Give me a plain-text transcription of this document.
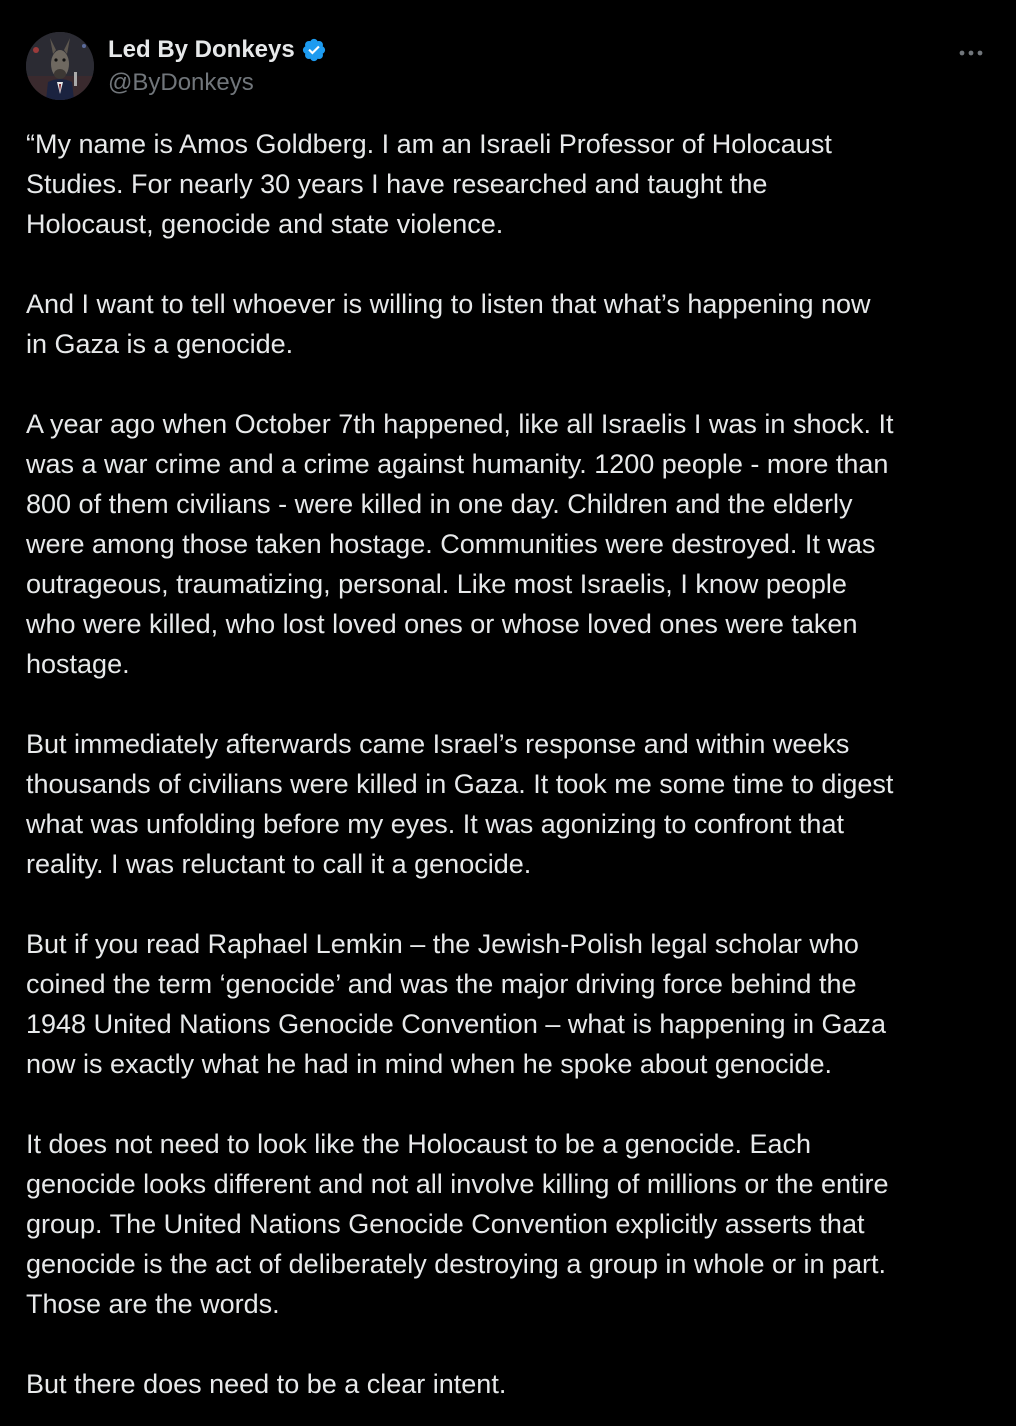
Led By Donkeys
@ByDonkeys

“My name is Amos Goldberg. I am an Israeli Professor of Holocaust
Studies. For nearly 30 years I have researched and taught the
Holocaust, genocide and state violence.

And I want to tell whoever is willing to listen that what’s happening now
in Gaza is a genocide.

A year ago when October 7th happened, like all Israelis I was in shock. It
was a war crime and a crime against humanity. 1200 people - more than
800 of them civilians - were killed in one day. Children and the elderly
were among those taken hostage. Communities were destroyed. It was
outrageous, traumatizing, personal. Like most Israelis, I know people
who were killed, who lost loved ones or whose loved ones were taken
hostage.

But immediately afterwards came Israel’s response and within weeks
thousands of civilians were killed in Gaza. It took me some time to digest
what was unfolding before my eyes. It was agonizing to confront that
reality. I was reluctant to call it a genocide.

But if you read Raphael Lemkin – the Jewish-Polish legal scholar who
coined the term ‘genocide’ and was the major driving force behind the
1948 United Nations Genocide Convention – what is happening in Gaza
now is exactly what he had in mind when he spoke about genocide.

It does not need to look like the Holocaust to be a genocide. Each
genocide looks different and not all involve killing of millions or the entire
group. The United Nations Genocide Convention explicitly asserts that
genocide is the act of deliberately destroying a group in whole or in part.
Those are the words.

But there does need to be a clear intent.
